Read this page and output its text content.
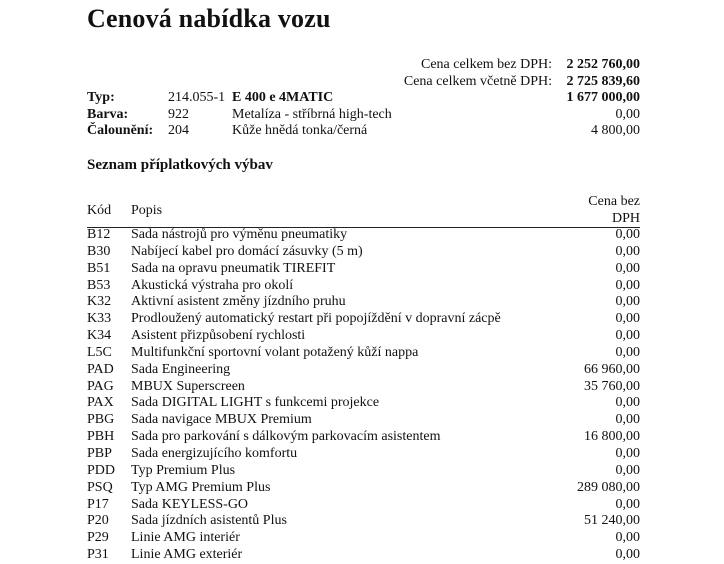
Cenová nabídka vozu
Cena celkem bez DPH:	2 252 760,00
Cena celkem včetně DPH:	2 725 839,60
Typ:	214.055-1 E 400 e 4MATIC	1 677 000,00
Barva:	922	Metalíza - stříbrná high-tech	0,00
Čalounění:	204	Kůže hnědá tonka/černá	4 800,00
Seznam příplatkových výbav
Kód Popis
Cena bez DPH
B12 Sada nástrojů pro výměnu pneumatiky	0,00
B30 Nabíjecí kabel pro domácí zásuvky (5 m)	0,00
B51 Sada na opravu pneumatik TIREFIT	0,00
B53 Akustická výstraha pro okolí	0,00
K32 Aktivní asistent změny jízdního pruhu	0,00
K33 Prodloužený automatický restart při popojíždění v dopravní zácpě	0,00
K34 Asistent přizpůsobení rychlosti	0,00
L5C Multifunkční sportovní volant potažený kůží nappa	0,00
PAD Sada Engineering	66 960,00
PAG MBUX Superscreen	35 760,00
PAX Sada DIGITAL LIGHT s funkcemi projekce	0,00
PBG Sada navigace MBUX Premium	0,00
PBH Sada pro parkování s dálkovým parkovacím asistentem	16 800,00
PBP Sada energizujícího komfortu	0,00
PDD Typ Premium Plus	0,00
PSQ Typ AMG Premium Plus	289 080,00
P17 Sada KEYLESS-GO	0,00
P20 Sada jízdních asistentů Plus	51 240,00
P29 Linie AMG interiér	0,00
P31 Linie AMG exteriér	0,00
